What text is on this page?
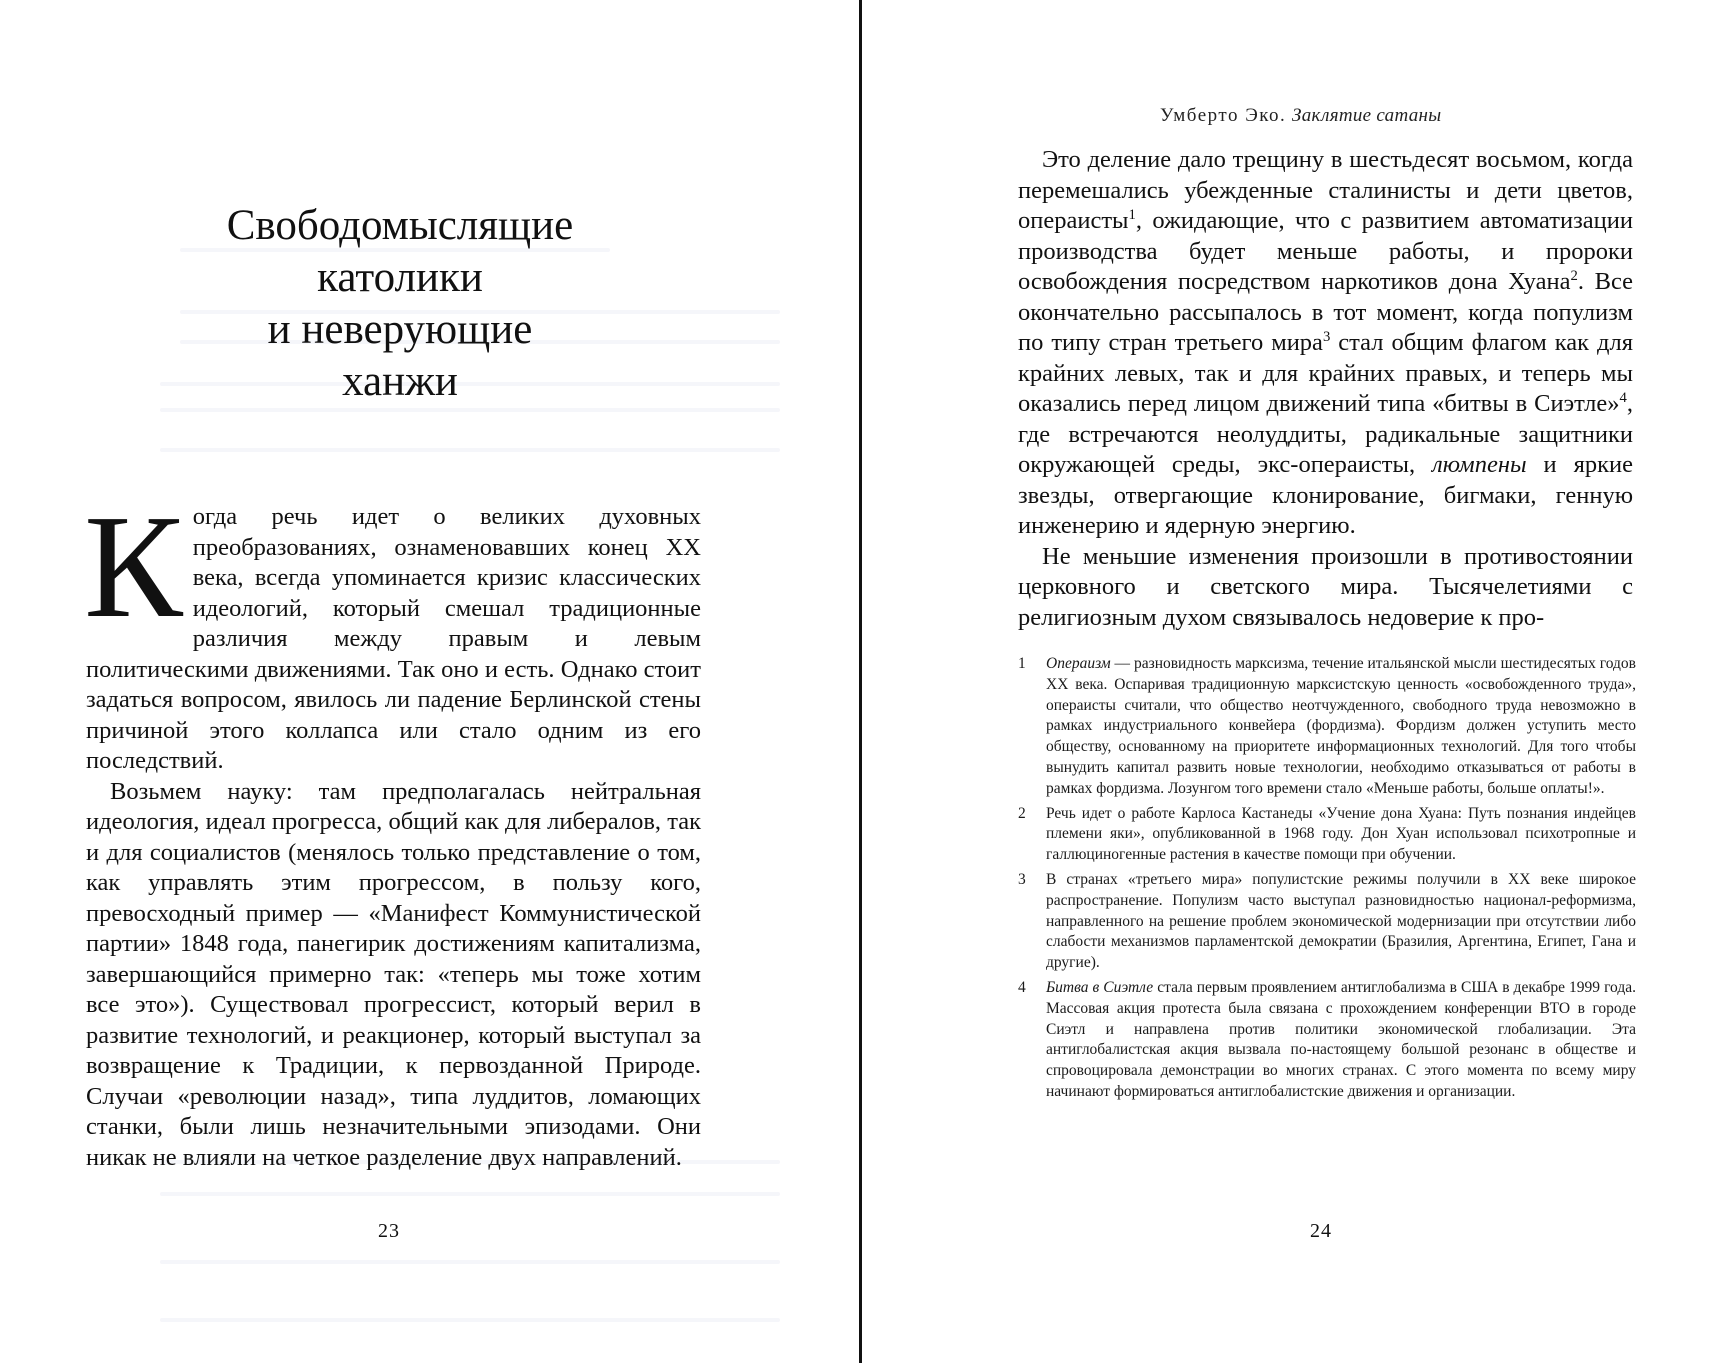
Свободомыслящие
католики
и неверующие
ханжи

Когда речь идет о великих духовных преобразованиях, ознаменовавших конец XX века, всегда упоминается кризис классических идеологий, который смешал традиционные различия между правым и левым политическими движениями. Так оно и есть. Однако стоит задаться вопросом, явилось ли падение Берлинской стены причиной этого коллапса или стало одним из его последствий.

Возьмем науку: там предполагалась нейтральная идеология, идеал прогресса, общий как для либералов, так и для социалистов (менялось только представление о том, как управлять этим прогрессом, в пользу кого, превосходный пример — «Манифест Коммунистической партии» 1848 года, панегирик достижениям капитализма, завершающийся примерно так: «теперь мы тоже хотим все это»). Существовал прогрессист, который верил в развитие технологий, и реакционер, который выступал за возвращение к Традиции, к первозданной Природе. Случаи «революции назад», типа луддитов, ломающих станки, были лишь незначительными эпизодами. Они никак не влияли на четкое разделение двух направлений.

23
Умберто Эко. Заклятие сатаны

Это деление дало трещину в шестьдесят восьмом, когда перемешались убежденные сталинисты и дети цветов, операисты$^1$, ожидающие, что с развитием автоматизации производства будет меньше работы, и пророки освобождения посредством наркотиков дона Хуана$^2$. Все окончательно рассыпалось в тот момент, когда популизм по типу стран третьего мира$^3$ стал общим флагом как для крайних левых, так и для крайних правых, и теперь мы оказались перед лицом движений типа «битвы в Сиэтле»$^4$, где встречаются неолуддиты, радикальные защитники окружающей среды, экс-операисты, люмпены и яркие звезды, отвергающие клонирование, бигмаки, генную инженерию и ядерную энергию.

Не меньшие изменения произошли в противостоянии церковного и светского мира. Тысячелетиями с религиозным духом связывалось недоверие к про-

1 Операизм — разновидность марксизма, течение итальянской мысли шестидесятых годов XX века. Оспаривая традиционную марксистскую ценность «освобожденного труда», операисты считали, что общество неотчужденного, свободного труда невозможно в рамках индустриального конвейера (фордизма). Фордизм должен уступить место обществу, основанному на приоритете информационных технологий. Для того чтобы вынудить капитал развить новые технологии, необходимо отказываться от работы в рамках фордизма. Лозунгом того времени стало «Меньше работы, больше оплаты!».

2 Речь идет о работе Карлоса Кастанеды «Учение дона Хуана: Путь познания индейцев племени яки», опубликованной в 1968 году. Дон Хуан использовал психотропные и галлюциногенные растения в качестве помощи при обучении.

3 В странах «третьего мира» популистские режимы получили в XX веке широкое распространение. Популизм часто выступал разновидностью национал-реформизма, направленного на решение проблем экономической модернизации при отсутствии либо слабости механизмов парламентской демократии (Бразилия, Аргентина, Египет, Гана и другие).

4 Битва в Сиэтле стала первым проявлением антиглобализма в США в декабре 1999 года. Массовая акция протеста была связана с прохождением конференции ВТО в городе Сиэтл и направлена против политики экономической глобализации. Эта антиглобалистская акция вызвала по-настоящему большой резонанс в обществе и спровоцировала демонстрации во многих странах. С этого момента по всему миру начинают формироваться антиглобалистские движения и организации.

24
